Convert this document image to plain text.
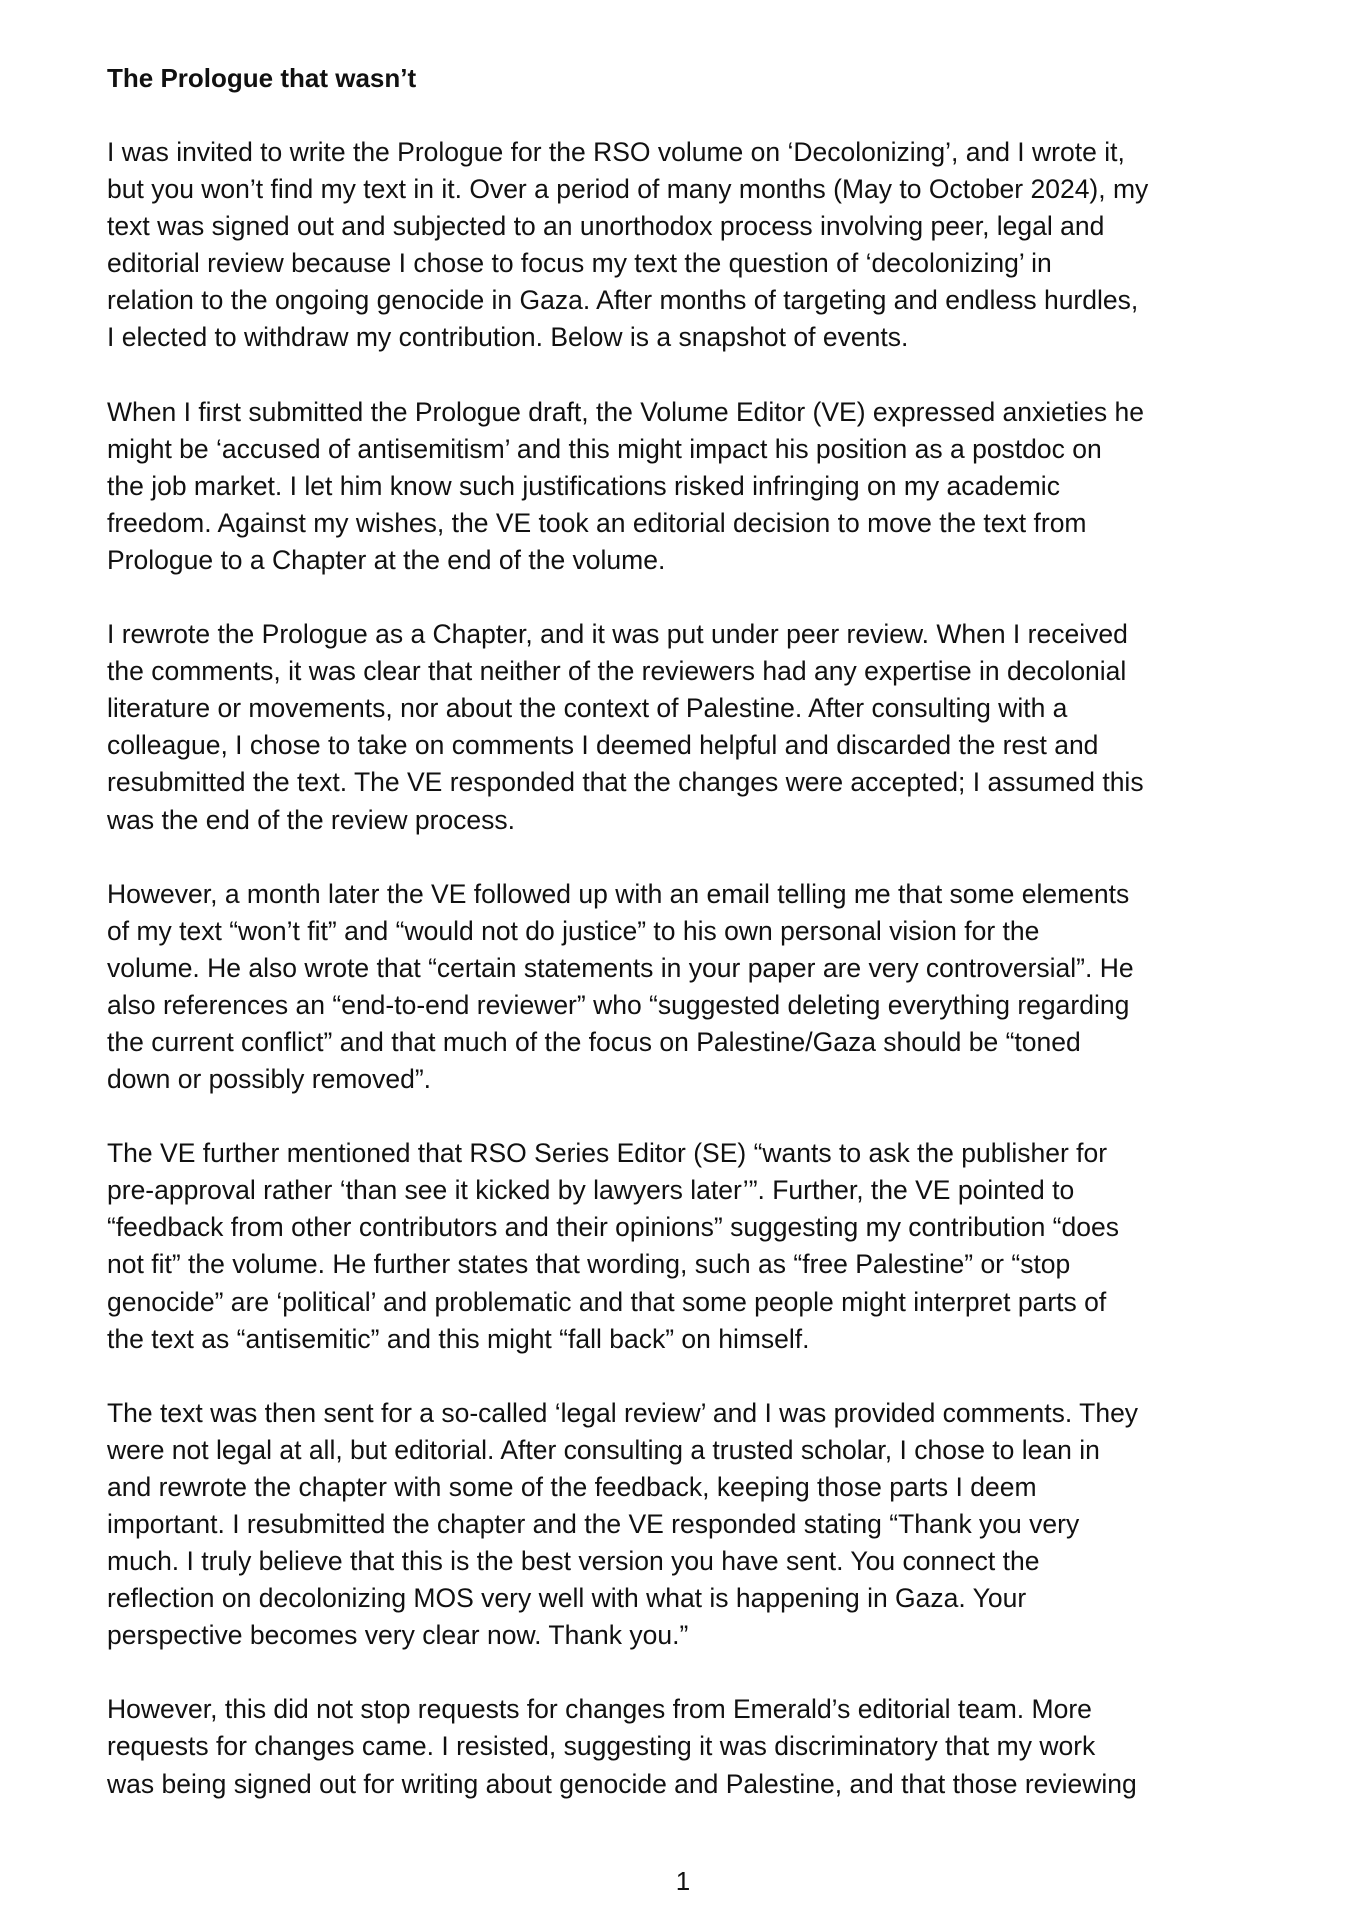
The Prologue that wasn’t
I was invited to write the Prologue for the RSO volume on ‘Decolonizing’, and I wrote it,
but you won’t find my text in it. Over a period of many months (May to October 2024), my
text was signed out and subjected to an unorthodox process involving peer, legal and
editorial review because I chose to focus my text the question of ‘decolonizing’ in
relation to the ongoing genocide in Gaza. After months of targeting and endless hurdles,
I elected to withdraw my contribution. Below is a snapshot of events.
When I first submitted the Prologue draft, the Volume Editor (VE) expressed anxieties he
might be ‘accused of antisemitism’ and this might impact his position as a postdoc on
the job market. I let him know such justifications risked infringing on my academic
freedom. Against my wishes, the VE took an editorial decision to move the text from
Prologue to a Chapter at the end of the volume.
I rewrote the Prologue as a Chapter, and it was put under peer review. When I received
the comments, it was clear that neither of the reviewers had any expertise in decolonial
literature or movements, nor about the context of Palestine. After consulting with a
colleague, I chose to take on comments I deemed helpful and discarded the rest and
resubmitted the text. The VE responded that the changes were accepted; I assumed this
was the end of the review process.
However, a month later the VE followed up with an email telling me that some elements
of my text “won’t fit” and “would not do justice” to his own personal vision for the
volume. He also wrote that “certain statements in your paper are very controversial”. He
also references an “end-to-end reviewer” who “suggested deleting everything regarding
the current conflict” and that much of the focus on Palestine/Gaza should be “toned
down or possibly removed”.
The VE further mentioned that RSO Series Editor (SE) “wants to ask the publisher for
pre-approval rather ‘than see it kicked by lawyers later’”. Further, the VE pointed to
“feedback from other contributors and their opinions” suggesting my contribution “does
not fit” the volume. He further states that wording, such as “free Palestine” or “stop
genocide” are ‘political’ and problematic and that some people might interpret parts of
the text as “antisemitic” and this might “fall back” on himself.
The text was then sent for a so-called ‘legal review’ and I was provided comments. They
were not legal at all, but editorial. After consulting a trusted scholar, I chose to lean in
and rewrote the chapter with some of the feedback, keeping those parts I deem
important. I resubmitted the chapter and the VE responded stating “Thank you very
much. I truly believe that this is the best version you have sent. You connect the
reflection on decolonizing MOS very well with what is happening in Gaza. Your
perspective becomes very clear now. Thank you.”
However, this did not stop requests for changes from Emerald’s editorial team. More
requests for changes came. I resisted, suggesting it was discriminatory that my work
was being signed out for writing about genocide and Palestine, and that those reviewing
1
